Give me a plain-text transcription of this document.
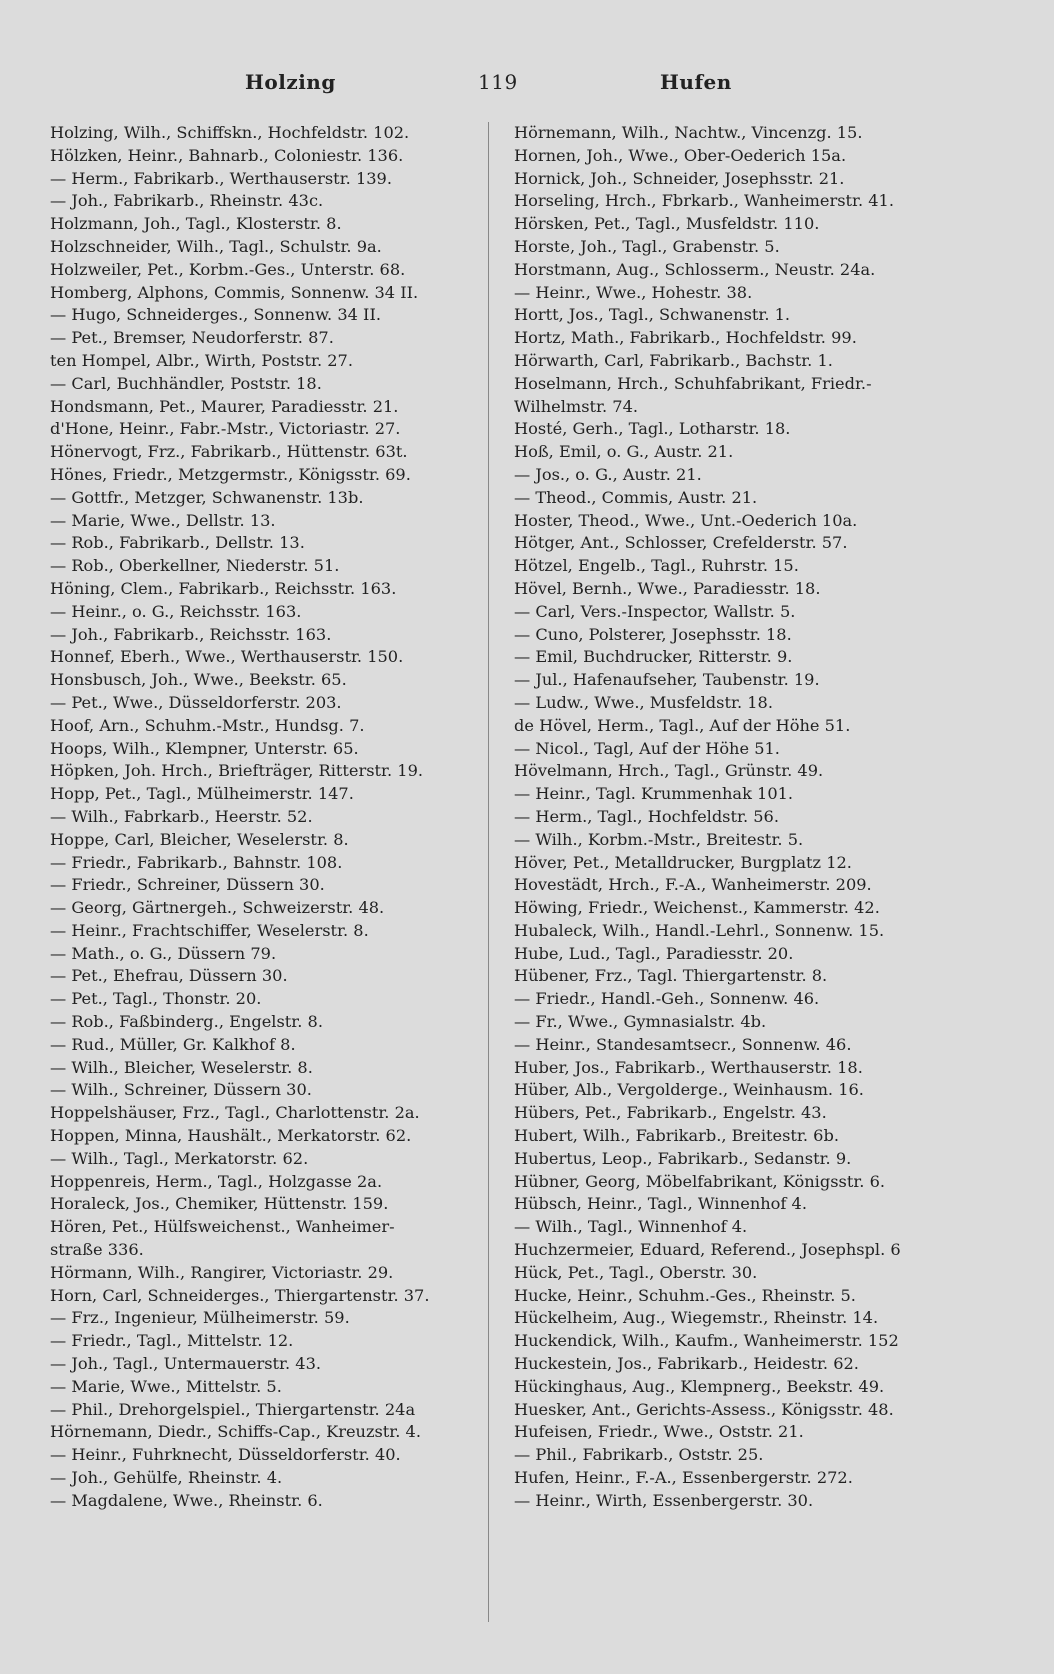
Holzing	119	Hufen
Holzing, Wilh., Schiffskn., Hochfeldstr. 102.
Hölzken, Heinr., Bahnarb., Coloniestr. 136.
— Herm., Fabrikarb., Werthauserstr. 139.
— Joh., Fabrikarb., Rheinstr. 43c.
Holzmann, Joh., Tagl., Klosterstr. 8.
Holzschneider, Wilh., Tagl., Schulstr. 9a.
Holzweiler, Pet., Korbm.-Ges., Unterstr. 68.
Homberg, Alphons, Commis, Sonnenw. 34 II.
— Hugo, Schneiderges., Sonnenw. 34 II.
— Pet., Bremser, Neudorferstr. 87.
ten Hompel, Albr., Wirth, Poststr. 27.
— Carl, Buchhändler, Poststr. 18.
Hondsmann, Pet., Maurer, Paradiesstr. 21.
d'Hone, Heinr., Fabr.-Mstr., Victoriastr. 27.
Hönervogt, Frz., Fabrikarb., Hüttenstr. 63t.
Hönes, Friedr., Metzgermstr., Königsstr. 69.
— Gottfr., Metzger, Schwanenstr. 13b.
— Marie, Wwe., Dellstr. 13.
— Rob., Fabrikarb., Dellstr. 13.
— Rob., Oberkellner, Niederstr. 51.
Höning, Clem., Fabrikarb., Reichsstr. 163.
— Heinr., o. G., Reichsstr. 163.
— Joh., Fabrikarb., Reichsstr. 163.
Honnef, Eberh., Wwe., Werthauserstr. 150.
Honsbusch, Joh., Wwe., Beekstr. 65.
— Pet., Wwe., Düsseldorferstr. 203.
Hoof, Arn., Schuhm.-Mstr., Hundsg. 7.
Hoops, Wilh., Klempner, Unterstr. 65.
Höpken, Joh. Hrch., Briefträger, Ritterstr. 19.
Hopp, Pet., Tagl., Mülheimerstr. 147.
— Wilh., Fabrkarb., Heerstr. 52.
Hoppe, Carl, Bleicher, Weselerstr. 8.
— Friedr., Fabrikarb., Bahnstr. 108.
— Friedr., Schreiner, Düssern 30.
— Georg, Gärtnergeh., Schweizerstr. 48.
— Heinr., Frachtschiffer, Weselerstr. 8.
— Math., o. G., Düssern 79.
— Pet., Ehefrau, Düssern 30.
— Pet., Tagl., Thonstr. 20.
— Rob., Faßbinderg., Engelstr. 8.
— Rud., Müller, Gr. Kalkhof 8.
— Wilh., Bleicher, Weselerstr. 8.
— Wilh., Schreiner, Düssern 30.
Hoppelshäuser, Frz., Tagl., Charlottenstr. 2a.
Hoppen, Minna, Haushält., Merkatorstr. 62.
— Wilh., Tagl., Merkatorstr. 62.
Hoppenreis, Herm., Tagl., Holzgasse 2a.
Horaleck, Jos., Chemiker, Hüttenstr. 159.
Hören, Pet., Hülfsweichenst., Wanheimer-
straße 336.
Hörmann, Wilh., Rangirer, Victoriastr. 29.
Horn, Carl, Schneiderges., Thiergartenstr. 37.
— Frz., Ingenieur, Mülheimerstr. 59.
— Friedr., Tagl., Mittelstr. 12.
— Joh., Tagl., Untermauerstr. 43.
— Marie, Wwe., Mittelstr. 5.
— Phil., Drehorgelspiel., Thiergartenstr. 24a
Hörnemann, Diedr., Schiffs-Cap., Kreuzstr. 4.
— Heinr., Fuhrknecht, Düsseldorferstr. 40.
— Joh., Gehülfe, Rheinstr. 4.
— Magdalene, Wwe., Rheinstr. 6.
Hörnemann, Wilh., Nachtw., Vincenzg. 15.
Hornen, Joh., Wwe., Ober-Oederich 15a.
Hornick, Joh., Schneider, Josephsstr. 21.
Horseling, Hrch., Fbrkarb., Wanheimerstr. 41.
Hörsken, Pet., Tagl., Musfeldstr. 110.
Horste, Joh., Tagl., Grabenstr. 5.
Horstmann, Aug., Schlosserm., Neustr. 24a.
— Heinr., Wwe., Hohestr. 38.
Hortt, Jos., Tagl., Schwanenstr. 1.
Hortz, Math., Fabrikarb., Hochfeldstr. 99.
Hörwarth, Carl, Fabrikarb., Bachstr. 1.
Hoselmann, Hrch., Schuhfabrikant, Friedr.-
Wilhelmstr. 74.
Hosté, Gerh., Tagl., Lotharstr. 18.
Hoß, Emil, o. G., Austr. 21.
— Jos., o. G., Austr. 21.
— Theod., Commis, Austr. 21.
Hoster, Theod., Wwe., Unt.-Oederich 10a.
Hötger, Ant., Schlosser, Crefelderstr. 57.
Hötzel, Engelb., Tagl., Ruhrstr. 15.
Hövel, Bernh., Wwe., Paradiesstr. 18.
— Carl, Vers.-Inspector, Wallstr. 5.
— Cuno, Polsterer, Josephsstr. 18.
— Emil, Buchdrucker, Ritterstr. 9.
— Jul., Hafenaufseher, Taubenstr. 19.
— Ludw., Wwe., Musfeldstr. 18.
de Hövel, Herm., Tagl., Auf der Höhe 51.
— Nicol., Tagl, Auf der Höhe 51.
Hövelmann, Hrch., Tagl., Grünstr. 49.
— Heinr., Tagl. Krummenhak 101.
— Herm., Tagl., Hochfeldstr. 56.
— Wilh., Korbm.-Mstr., Breitestr. 5.
Höver, Pet., Metalldrucker, Burgplatz 12.
Hovestädt, Hrch., F.-A., Wanheimerstr. 209.
Höwing, Friedr., Weichenst., Kammerstr. 42.
Hubaleck, Wilh., Handl.-Lehrl., Sonnenw. 15.
Hube, Lud., Tagl., Paradiesstr. 20.
Hübener, Frz., Tagl. Thiergartenstr. 8.
— Friedr., Handl.-Geh., Sonnenw. 46.
— Fr., Wwe., Gymnasialstr. 4b.
— Heinr., Standesamtsecr., Sonnenw. 46.
Huber, Jos., Fabrikarb., Werthauserstr. 18.
Hüber, Alb., Vergolderge., Weinhausm. 16.
Hübers, Pet., Fabrikarb., Engelstr. 43.
Hubert, Wilh., Fabrikarb., Breitestr. 6b.
Hubertus, Leop., Fabrikarb., Sedanstr. 9.
Hübner, Georg, Möbelfabrikant, Königsstr. 6.
Hübsch, Heinr., Tagl., Winnenhof 4.
— Wilh., Tagl., Winnenhof 4.
Huchzermeier, Eduard, Referend., Josephspl. 6
Hück, Pet., Tagl., Oberstr. 30.
Hucke, Heinr., Schuhm.-Ges., Rheinstr. 5.
Hückelheim, Aug., Wiegemstr., Rheinstr. 14.
Huckendick, Wilh., Kaufm., Wanheimerstr. 152
Huckestein, Jos., Fabrikarb., Heidestr. 62.
Hückinghaus, Aug., Klempnerg., Beekstr. 49.
Huesker, Ant., Gerichts-Assess., Königsstr. 48.
Hufeisen, Friedr., Wwe., Oststr. 21.
— Phil., Fabrikarb., Oststr. 25.
Hufen, Heinr., F.-A., Essenbergerstr. 272.
— Heinr., Wirth, Essenbergerstr. 30.
